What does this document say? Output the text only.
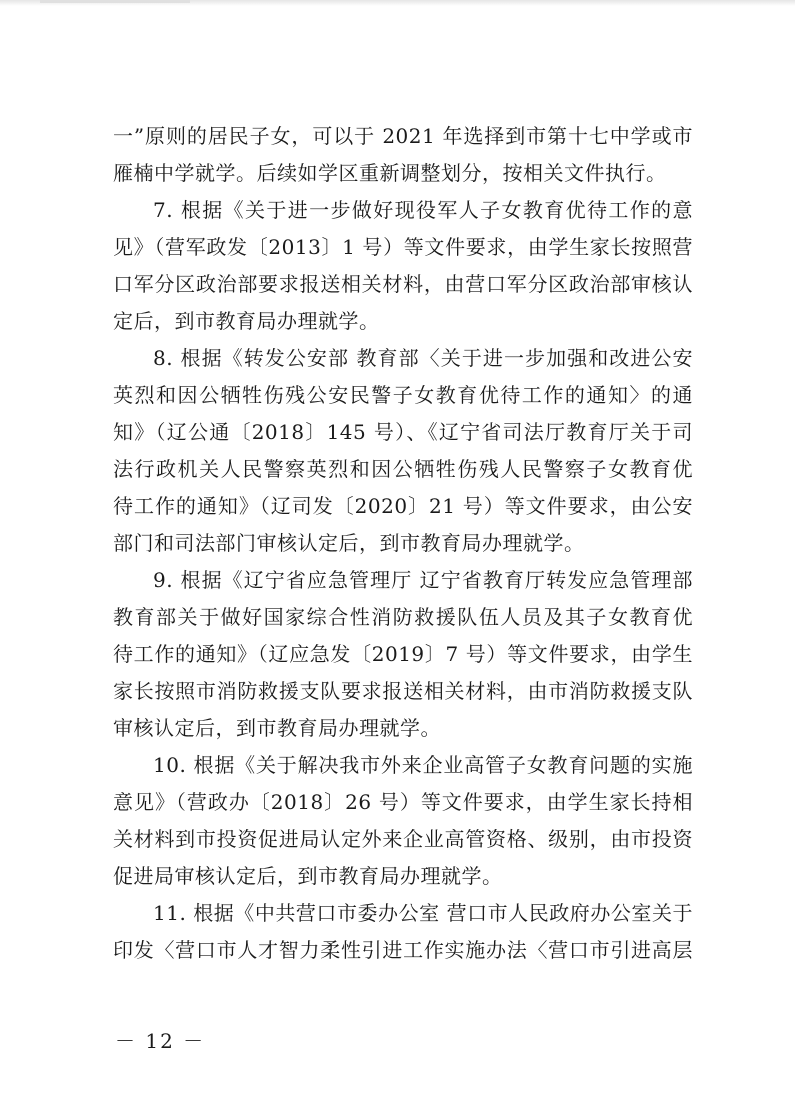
一”原则的居民子女，可以于 2021 年选择到市第十七中学或市
雁楠中学就学。后续如学区重新调整划分，按相关文件执行。
7. 根据《关于进一步做好现役军人子女教育优待工作的意
见》（营军政发〔2013〕1 号）等文件要求，由学生家长按照营
口军分区政治部要求报送相关材料，由营口军分区政治部审核认
定后，到市教育局办理就学。
8. 根据《转发公安部 教育部〈关于进一步加强和改进公安
英烈和因公牺牲伤残公安民警子女教育优待工作的通知〉的通
知》（辽公通〔2018〕145 号）、《辽宁省司法厅教育厅关于司
法行政机关人民警察英烈和因公牺牲伤残人民警察子女教育优
待工作的通知》（辽司发〔2020〕21 号）等文件要求，由公安
部门和司法部门审核认定后，到市教育局办理就学。
9. 根据《辽宁省应急管理厅 辽宁省教育厅转发应急管理部
教育部关于做好国家综合性消防救援队伍人员及其子女教育优
待工作的通知》（辽应急发〔2019〕7 号）等文件要求，由学生
家长按照市消防救援支队要求报送相关材料，由市消防救援支队
审核认定后，到市教育局办理就学。
10. 根据《关于解决我市外来企业高管子女教育问题的实施
意见》（营政办〔2018〕26 号）等文件要求，由学生家长持相
关材料到市投资促进局认定外来企业高管资格、级别，由市投资
促进局审核认定后，到市教育局办理就学。
11. 根据《中共营口市委办公室 营口市人民政府办公室关于
印发〈营口市人才智力柔性引进工作实施办法〈营口市引进高层
－ 12 －
